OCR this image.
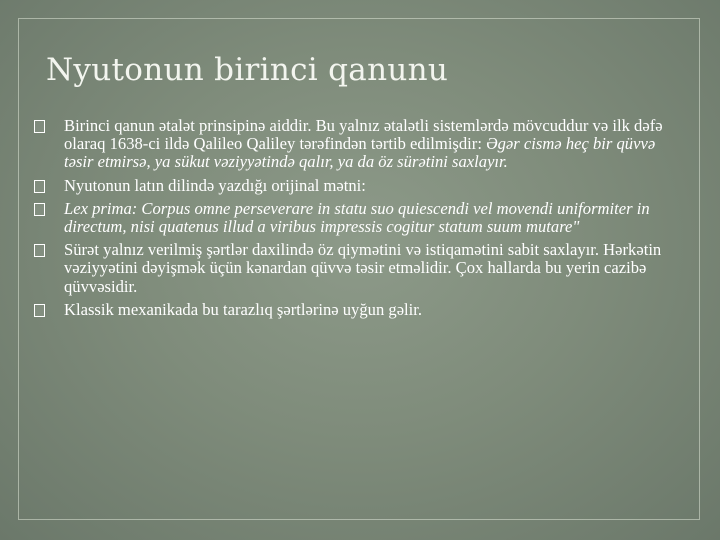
Nyutonun birinci qanunu
Birinci qanun ətalət prinsipinə aiddir. Bu yalnız ətalətli sistemlərdə mövcuddur və ilk dəfə olaraq 1638-ci ildə Qalileo Qaliley tərəfindən tərtib edilmişdir: Əgər cismə heç bir qüvvə təsir etmirsə, ya sükut vəziyyətində qalır, ya da öz sürətini saxlayır.
Nyutonun latın dilində yazdığı orijinal mətni:
Lex prima: Corpus omne perseverare in statu suo quiescendi vel movendi uniformiter in directum, nisi quatenus illud a viribus impressis cogitur statum suum mutare"
Sürət yalnız verilmiş şərtlər daxilində öz qiymətini və istiqamətini sabit saxlayır. Hərkətin vəziyyətini dəyişmək üçün kənardan qüvvə təsir etməlidir. Çox hallarda bu yerin cazibə qüvvəsidir.
Klassik mexanikada bu tarazlıq şərtlərinə uyğun gəlir.
